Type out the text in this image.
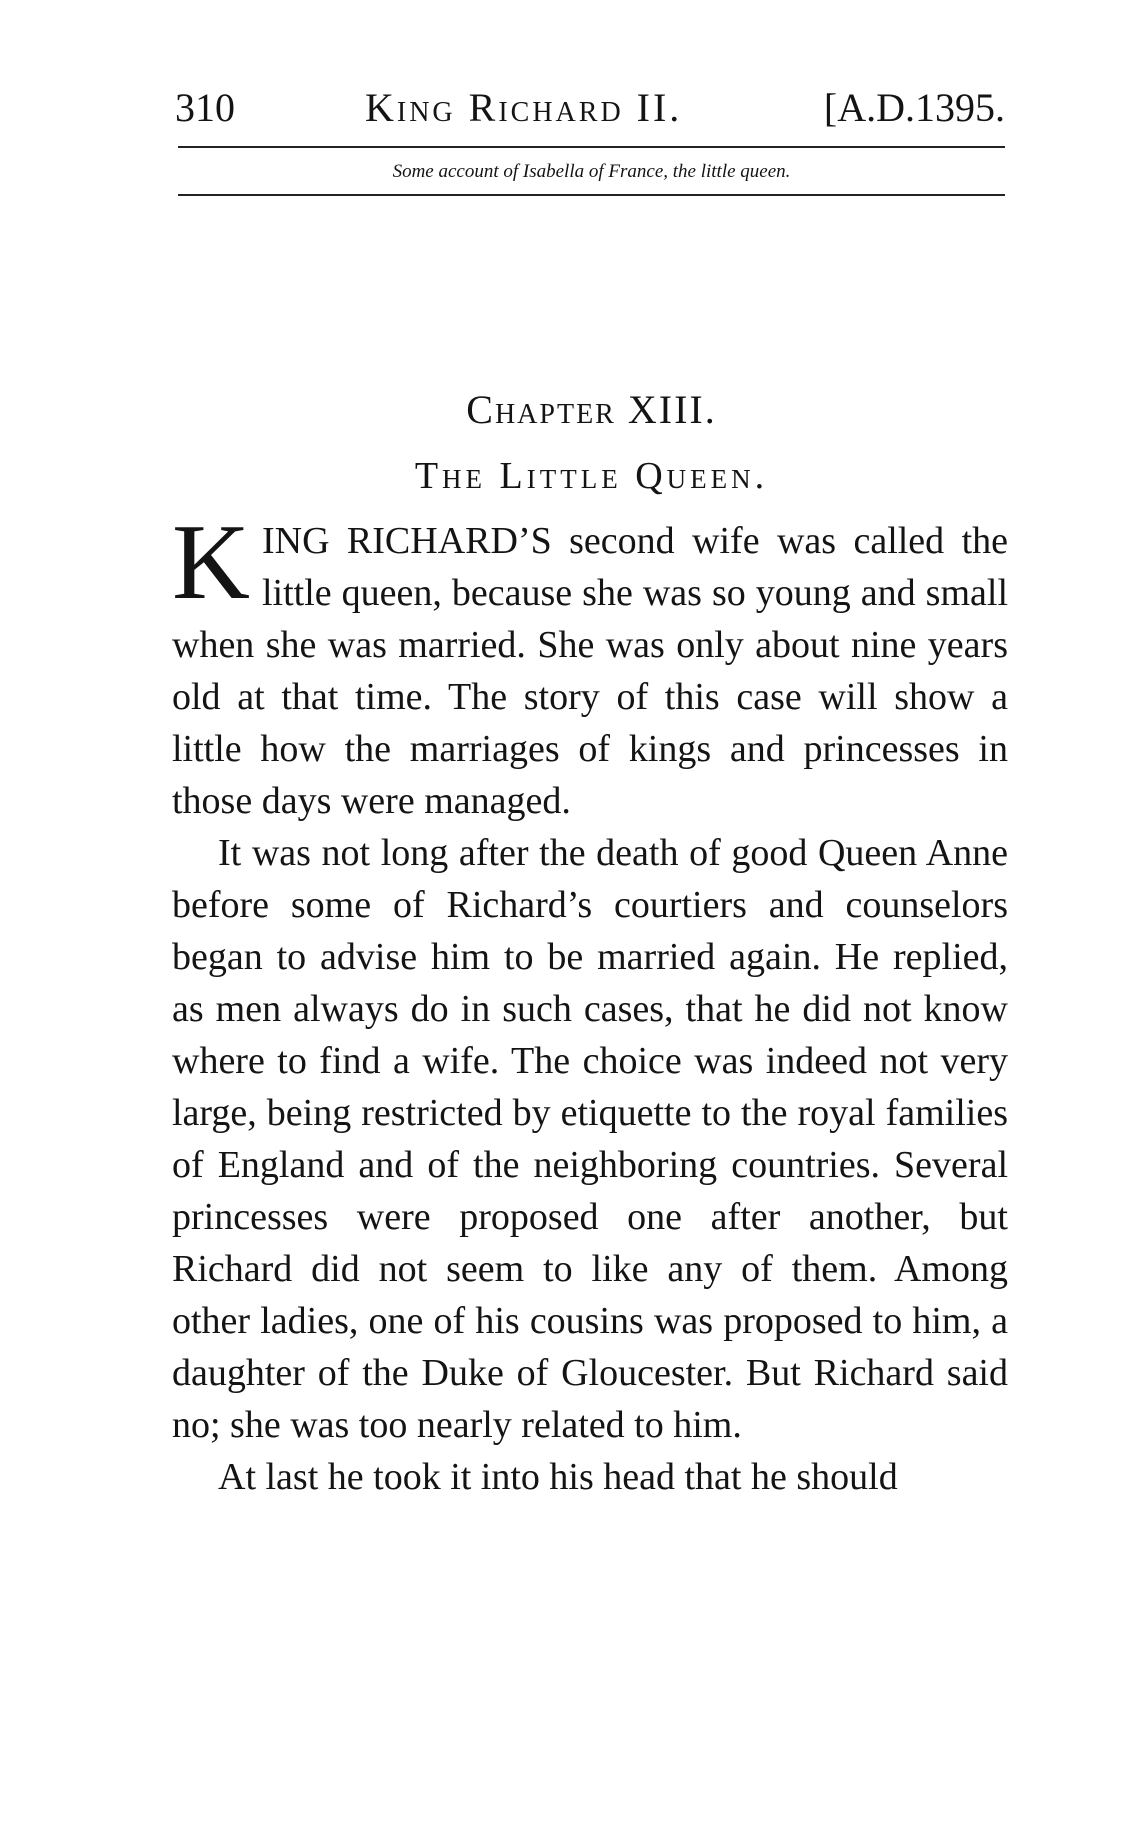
310	King Richard II.	[A.D.1395.
Some account of Isabella of France, the little queen.
Chapter XIII.
The Little Queen.

KING RICHARD’S second wife was called the little queen, because she was so young and small when she was married. She was only about nine years old at that time. The story of this case will show a little how the marriages of kings and princesses in those days were managed.

It was not long after the death of good Queen Anne before some of Richard’s courtiers and counselors began to advise him to be married again. He replied, as men always do in such cases, that he did not know where to find a wife. The choice was indeed not very large, being restricted by etiquette to the royal families of England and of the neighboring countries. Several princesses were proposed one after another, but Richard did not seem to like any of them. Among other ladies, one of his cousins was proposed to him, a daughter of the Duke of Gloucester. But Richard said no; she was too nearly related to him.

At last he took it into his head that he should
